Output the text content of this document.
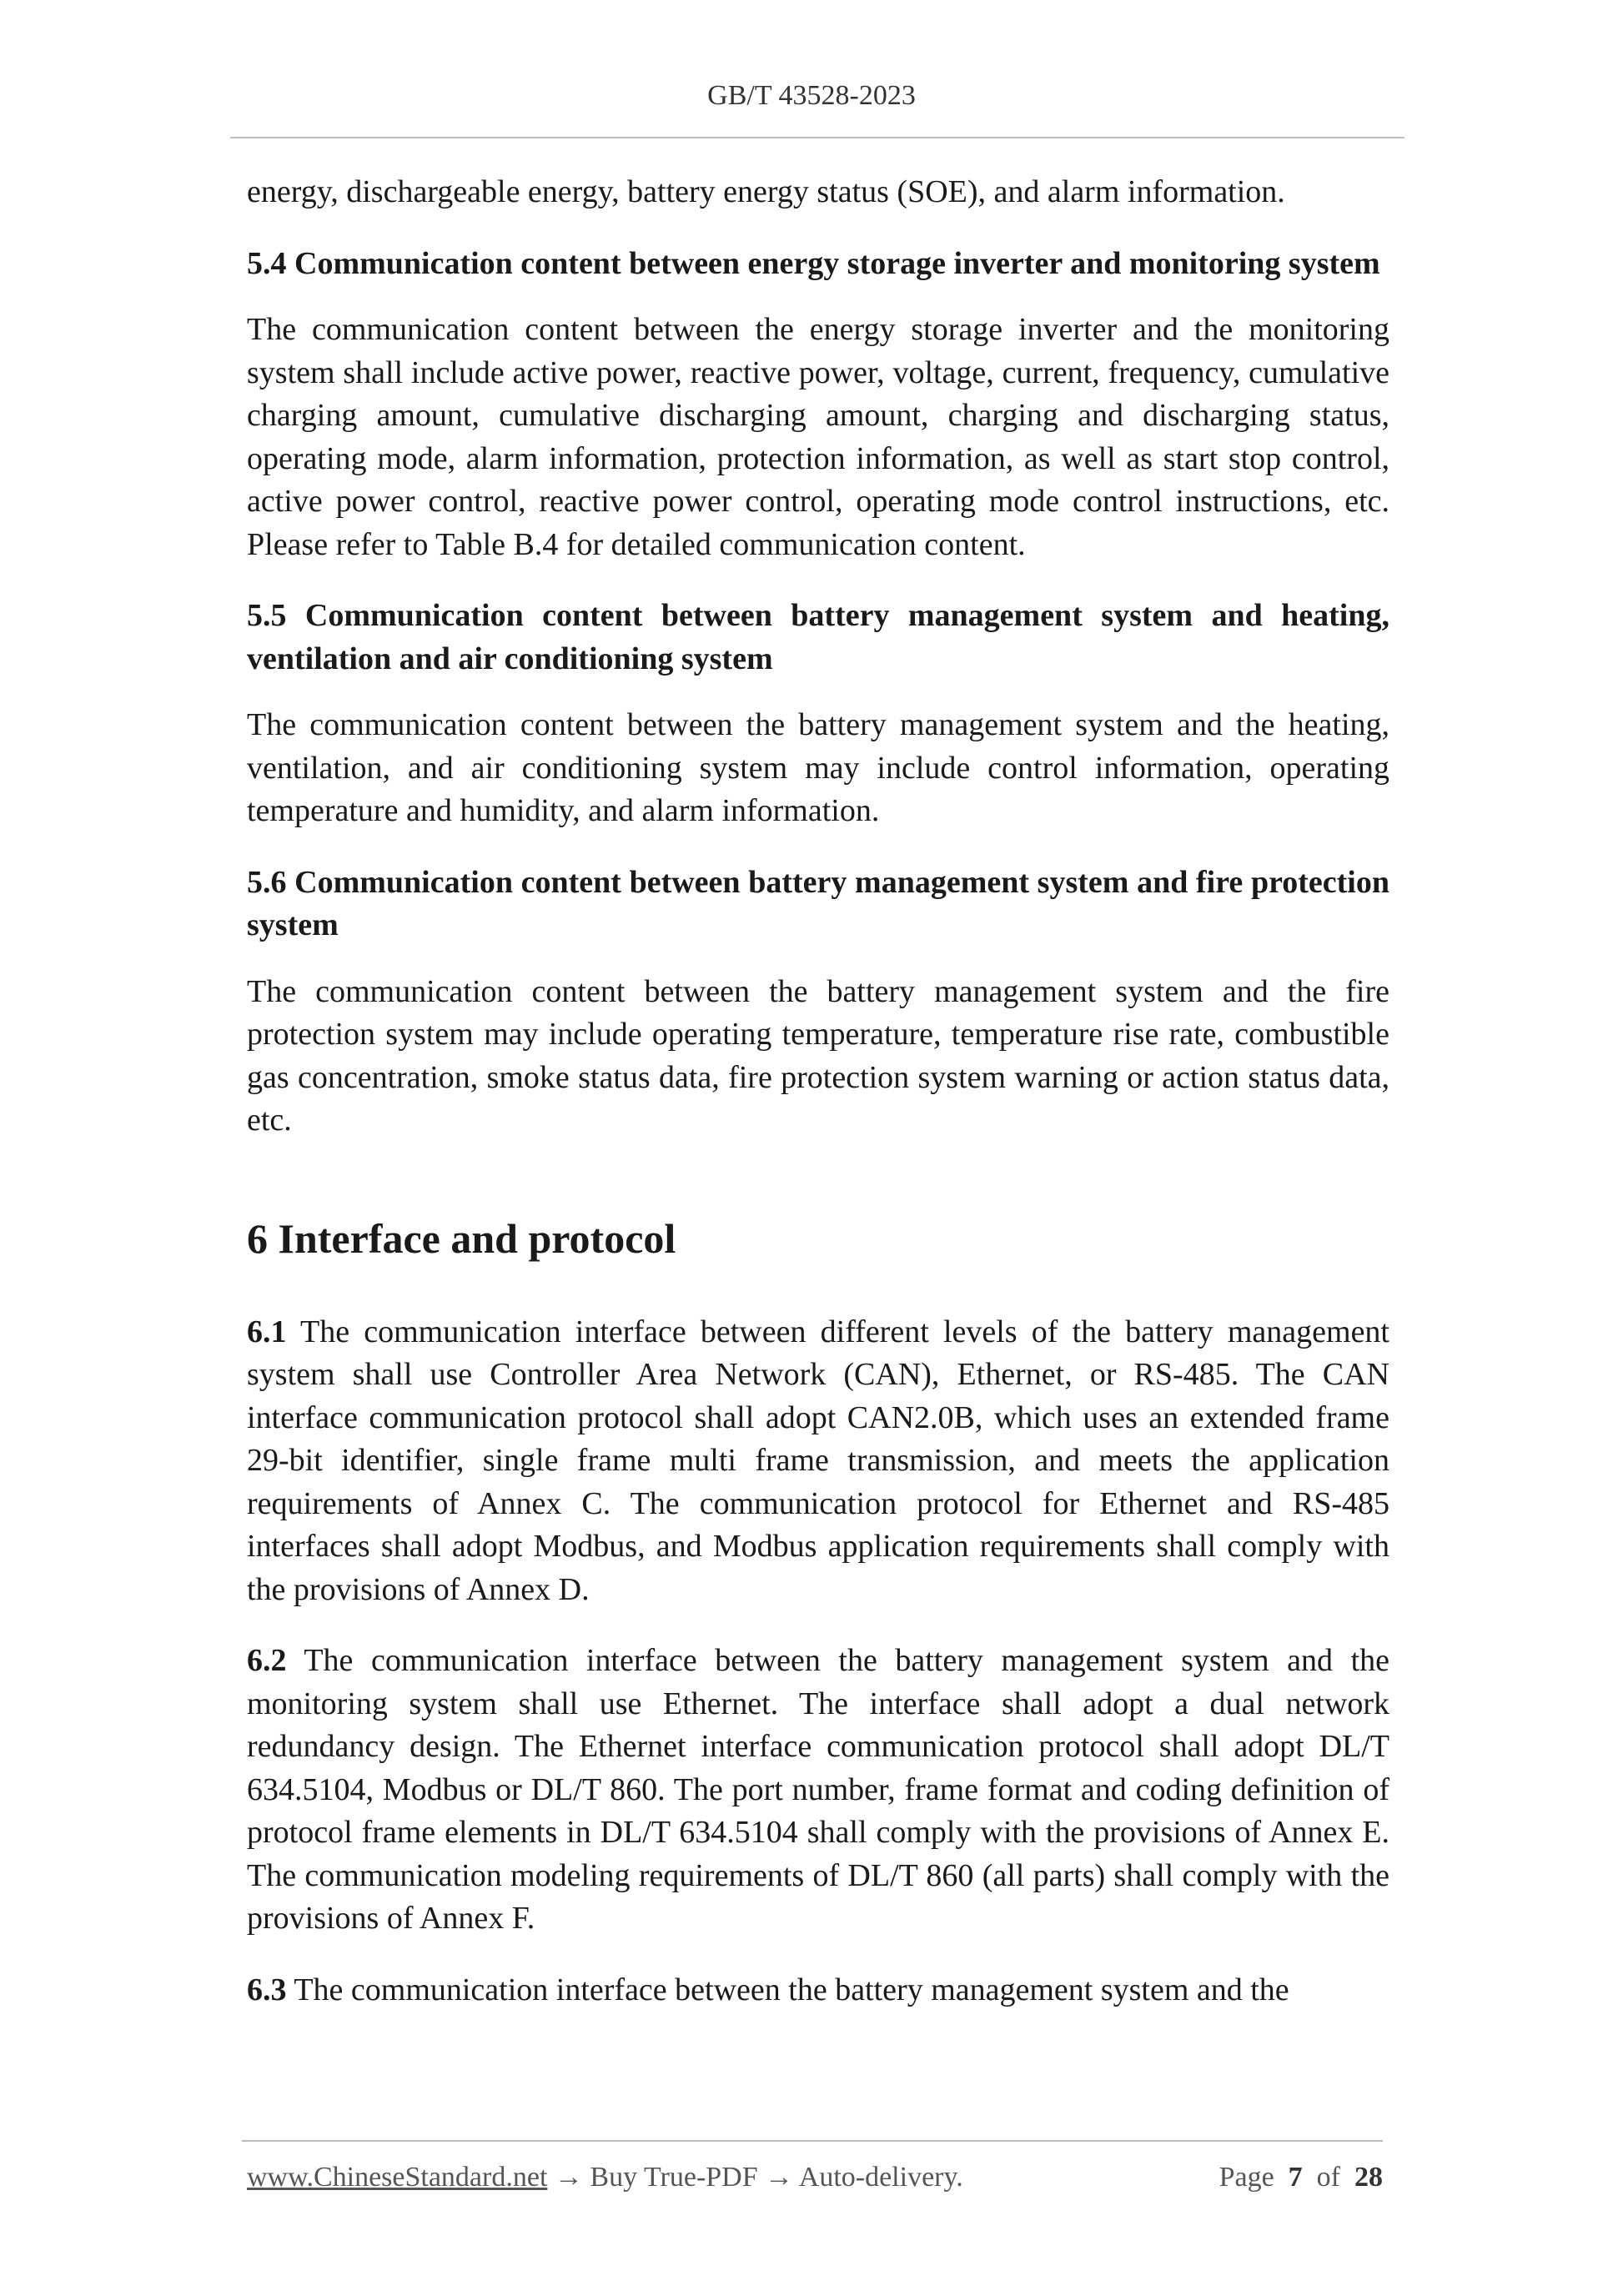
GB/T 43528-2023

energy, dischargeable energy, battery energy status (SOE), and alarm information.

5.4 Communication content between energy storage inverter and monitoring system

The communication content between the energy storage inverter and the monitoring system shall include active power, reactive power, voltage, current, frequency, cumulative charging amount, cumulative discharging amount, charging and discharging status, operating mode, alarm information, protection information, as well as start stop control, active power control, reactive power control, operating mode control instructions, etc. Please refer to Table B.4 for detailed communication content.

5.5 Communication content between battery management system and heating, ventilation and air conditioning system

The communication content between the battery management system and the heating, ventilation, and air conditioning system may include control information, operating temperature and humidity, and alarm information.

5.6 Communication content between battery management system and fire protection system

The communication content between the battery management system and the fire protection system may include operating temperature, temperature rise rate, combustible gas concentration, smoke status data, fire protection system warning or action status data, etc.

6 Interface and protocol

6.1 The communication interface between different levels of the battery management system shall use Controller Area Network (CAN), Ethernet, or RS-485. The CAN interface communication protocol shall adopt CAN2.0B, which uses an extended frame 29-bit identifier, single frame multi frame transmission, and meets the application requirements of Annex C. The communication protocol for Ethernet and RS-485 interfaces shall adopt Modbus, and Modbus application requirements shall comply with the provisions of Annex D.

6.2 The communication interface between the battery management system and the monitoring system shall use Ethernet. The interface shall adopt a dual network redundancy design. The Ethernet interface communication protocol shall adopt DL/T 634.5104, Modbus or DL/T 860. The port number, frame format and coding definition of protocol frame elements in DL/T 634.5104 shall comply with the provisions of Annex E. The communication modeling requirements of DL/T 860 (all parts) shall comply with the provisions of Annex F.

6.3 The communication interface between the battery management system and the

www.ChineseStandard.net → Buy True-PDF → Auto-delivery.	Page 7 of 28
